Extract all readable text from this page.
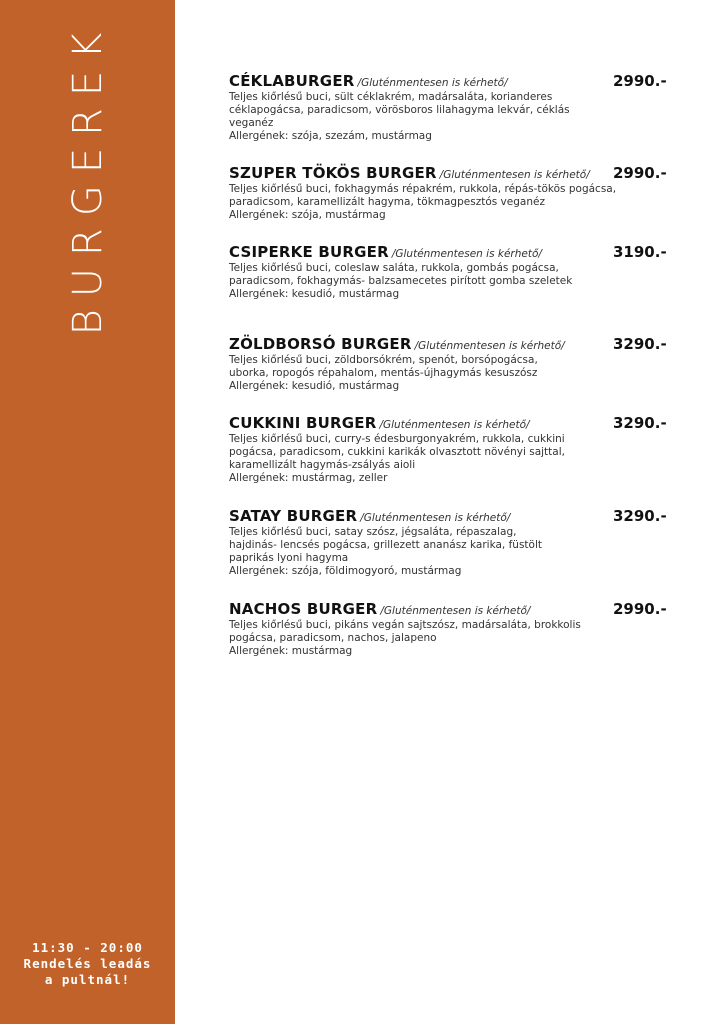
BURGEREK
11:30 - 20:00
Rendelés leadás
a pultnál!
CÉKLABURGER /Gluténmentesen is kérhető/	2990.-
Teljes kiőrlésű buci, sült céklakrém, madársaláta, korianderes céklapogácsa, paradicsom, vörösboros lilahagyma lekvár, céklás veganéz
Allergének: szója, szezám, mustármag
SZUPER TÖKÖS BURGER /Gluténmentesen is kérhető/ 2990.-
Teljes kiőrlésű buci, fokhagymás répakrém, rukkola, répás-tökös pogácsa, paradicsom, karamellizált hagyma, tökmagpesztós veganéz
Allergének: szója, mustármag
CSIPERKE BURGER /Gluténmentesen is kérhető/	3190.-
Teljes kiőrlésű buci, coleslaw saláta, rukkola, gombás pogácsa, paradicsom, fokhagymás- balzsamecetes pirított gomba szeletek
Allergének: kesudió, mustármag
ZÖLDBORSÓ BURGER /Gluténmentesen is kérhető/	3290.-
Teljes kiőrlésű buci, zöldborsókrém, spenót, borsópogácsa, uborka, ropogós répahalom, mentás-újhagymás kesuszósz
Allergének: kesudió, mustármag
CUKKINI BURGER /Gluténmentesen is kérhető/	3290.-
Teljes kiőrlésű buci, curry-s édesburgonyakrém, rukkola, cukkini pogácsa, paradicsom, cukkini karikák olvasztott növényi sajttal, karamellizált hagymás-zsályás aioli
Allergének: mustármag, zeller
SATAY BURGER /Gluténmentesen is kérhető/	3290.-
Teljes kiőrlésű buci, satay szósz, jégsaláta, répaszalag, hajdinás- lencsés pogácsa, grillezett ananász karika, füstölt paprikás lyoni hagyma
Allergének: szója, földimogyoró, mustármag
NACHOS BURGER /Gluténmentesen is kérhető/	2990.-
Teljes kiőrlésű buci, pikáns vegán sajtszósz, madársaláta, brokkolis pogácsa, paradicsom, nachos, jalapeno
Allergének: mustármag
